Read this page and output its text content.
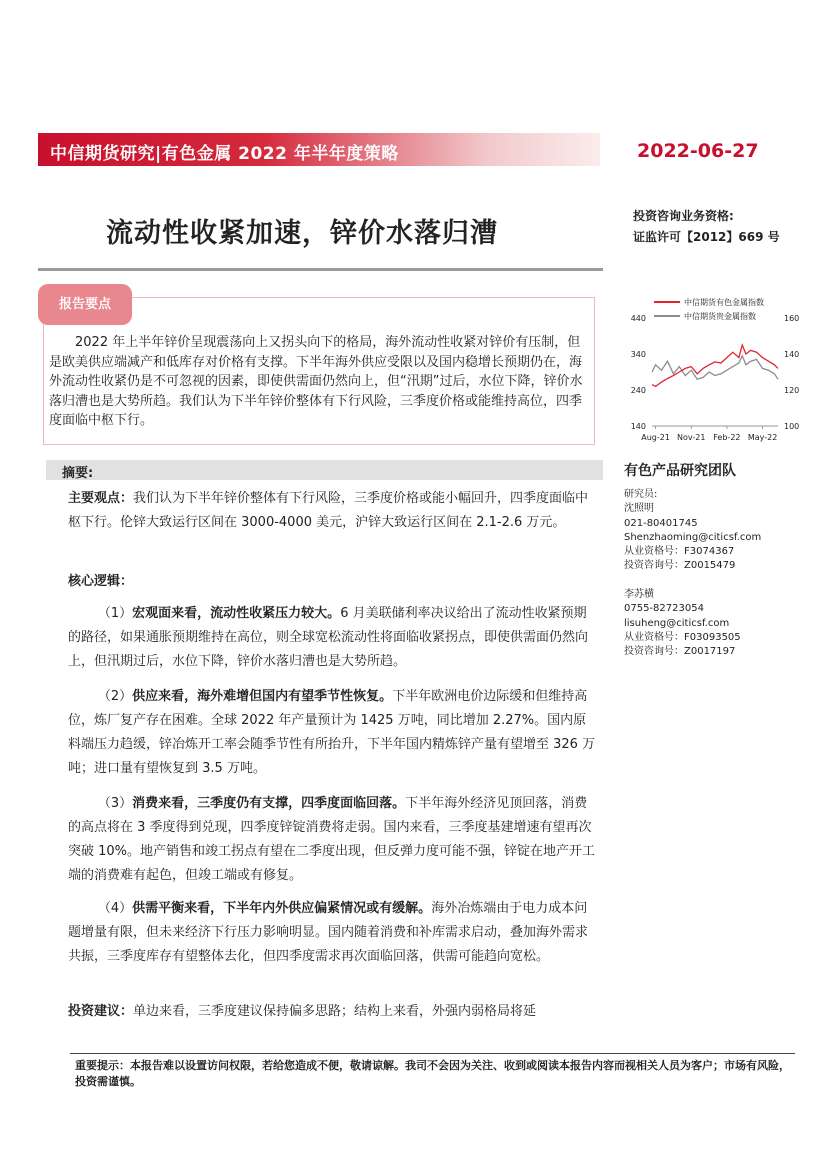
中信期货研究|有色金属 2022 年半年度策略	2022-06-27
流动性收紧加速，锌价水落归漕
投资咨询业务资格:
证监许可【2012】669 号
报告要点
2022 年上半年锌价呈现震荡向上又拐头向下的格局，海外流动性收紧对锌价有压制，但是欧美供应端减产和低库存对价格有支撑。下半年海外供应受限以及国内稳增长预期仍在，海外流动性收紧仍是不可忽视的因素，即使供需面仍然向上，但“汛期”过后，水位下降，锌价水落归漕也是大势所趋。我们认为下半年锌价整体有下行风险，三季度价格或能维持高位，四季度面临中枢下行。
中信期货有色金属指数
中信期货贵金属指数
140
240
340
440
100
120
140
160
Aug-21 Nov-21 Feb-22 May-22
摘要:
主要观点：我们认为下半年锌价整体有下行风险，三季度价格或能小幅回升，四季度面临中枢下行。伦锌大致运行区间在 3000-4000 美元，沪锌大致运行区间在 2.1-2.6 万元。
核心逻辑：
（1）宏观面来看，流动性收紧压力较大。6 月美联储利率决议给出了流动性收紧预期的路径，如果通胀预期维持在高位，则全球宽松流动性将面临收紧拐点，即使供需面仍然向上，但汛期过后，水位下降，锌价水落归漕也是大势所趋。
（2）供应来看，海外难增但国内有望季节性恢复。下半年欧洲电价边际缓和但维持高位，炼厂复产存在困难。全球 2022 年产量预计为 1425 万吨，同比增加 2.27%。国内原料端压力趋缓，锌冶炼开工率会随季节性有所抬升，下半年国内精炼锌产量有望增至 326 万吨；进口量有望恢复到 3.5 万吨。
（3）消费来看，三季度仍有支撑，四季度面临回落。下半年海外经济见顶回落，消费的高点将在 3 季度得到兑现，四季度锌锭消费将走弱。国内来看，三季度基建增速有望再次突破 10%。地产销售和竣工拐点有望在二季度出现，但反弹力度可能不强，锌锭在地产开工端的消费难有起色，但竣工端或有修复。
（4）供需平衡来看，下半年内外供应偏紧情况或有缓解。海外冶炼端由于电力成本问题增量有限，但未来经济下行压力影响明显。国内随着消费和补库需求启动，叠加海外需求共振，三季度库存有望整体去化，但四季度需求再次面临回落，供需可能趋向宽松。
投资建议：单边来看，三季度建议保持偏多思路；结构上来看，外强内弱格局将延
有色产品研究团队
研究员:
沈照明
021-80401745
Shenzhaoming@citicsf.com
从业资格号：F3074367
投资咨询号：Z0015479
李苏横
0755-82723054
lisuheng@citicsf.com
从业资格号：F03093505
投资咨询号：Z0017197
重要提示：本报告难以设置访问权限，若给您造成不便，敬请谅解。我司不会因为关注、收到或阅读本报告内容而视相关人员为客户；市场有风险，投资需谨慎。
